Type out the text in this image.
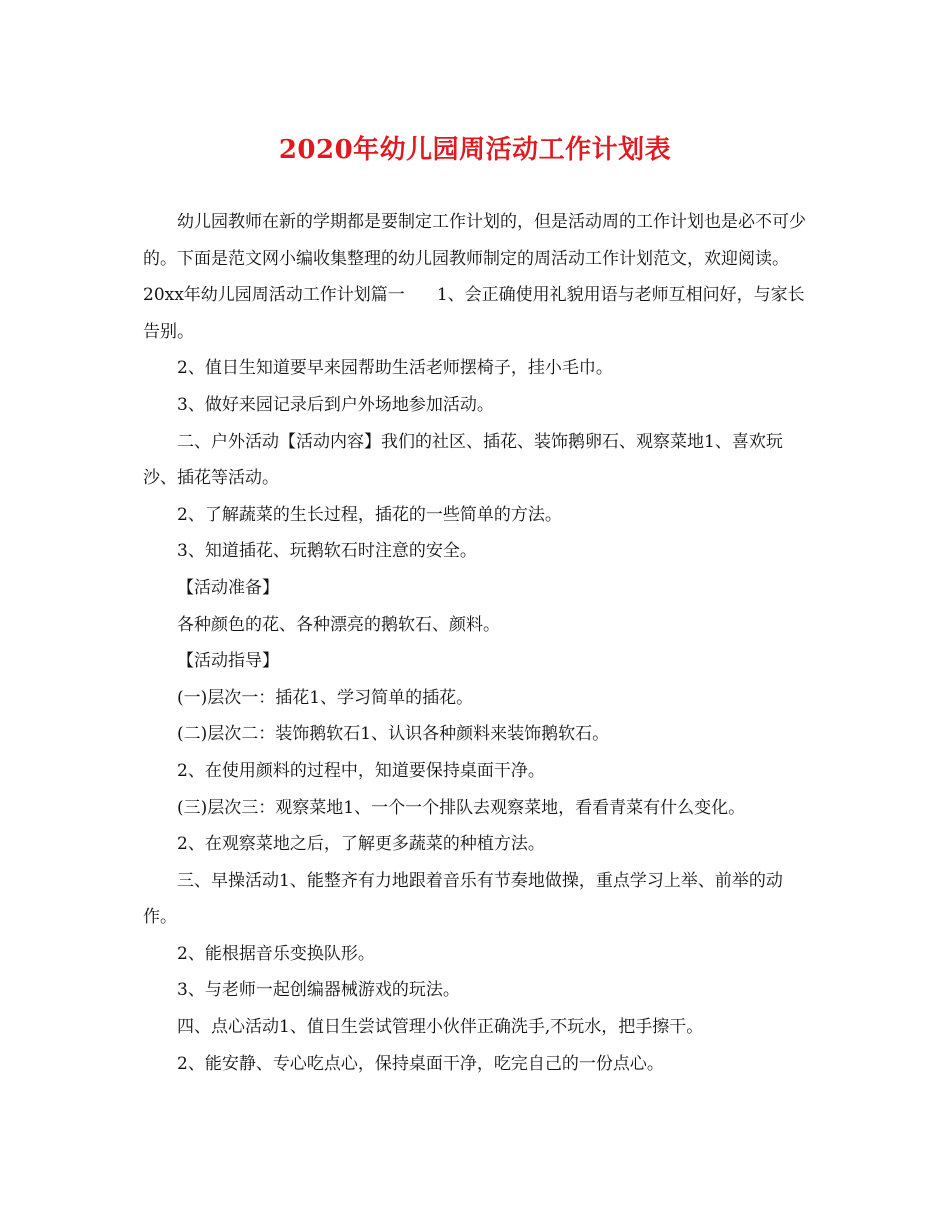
2020年幼儿园周活动工作计划表

幼儿园教师在新的学期都是要制定工作计划的，但是活动周的工作计划也是必不可少的。下面是范文网小编收集整理的幼儿园教师制定的周活动工作计划范文，欢迎阅读。

20xx年幼儿园周活动工作计划篇一 1、会正确使用礼貌用语与老师互相问好，与家长告别。

2、值日生知道要早来园帮助生活老师摆椅子，挂小毛巾。

3、做好来园记录后到户外场地参加活动。

二、户外活动【活动内容】我们的社区、插花、装饰鹅卵石、观察菜地1、喜欢玩沙、插花等活动。

2、了解蔬菜的生长过程，插花的一些简单的方法。

3、知道插花、玩鹅软石时注意的安全。

【活动准备】

各种颜色的花、各种漂亮的鹅软石、颜料。

【活动指导】

(一)层次一：插花1、学习简单的插花。

(二)层次二：装饰鹅软石1、认识各种颜料来装饰鹅软石。

2、在使用颜料的过程中，知道要保持桌面干净。

(三)层次三：观察菜地1、一个一个排队去观察菜地，看看青菜有什么变化。

2、在观察菜地之后，了解更多蔬菜的种植方法。

三、早操活动1、能整齐有力地跟着音乐有节奏地做操，重点学习上举、前举的动作。

2、能根据音乐变换队形。

3、与老师一起创编器械游戏的玩法。

四、点心活动1、值日生尝试管理小伙伴正确洗手,不玩水，把手擦干。

2、能安静、专心吃点心，保持桌面干净，吃完自己的一份点心。
